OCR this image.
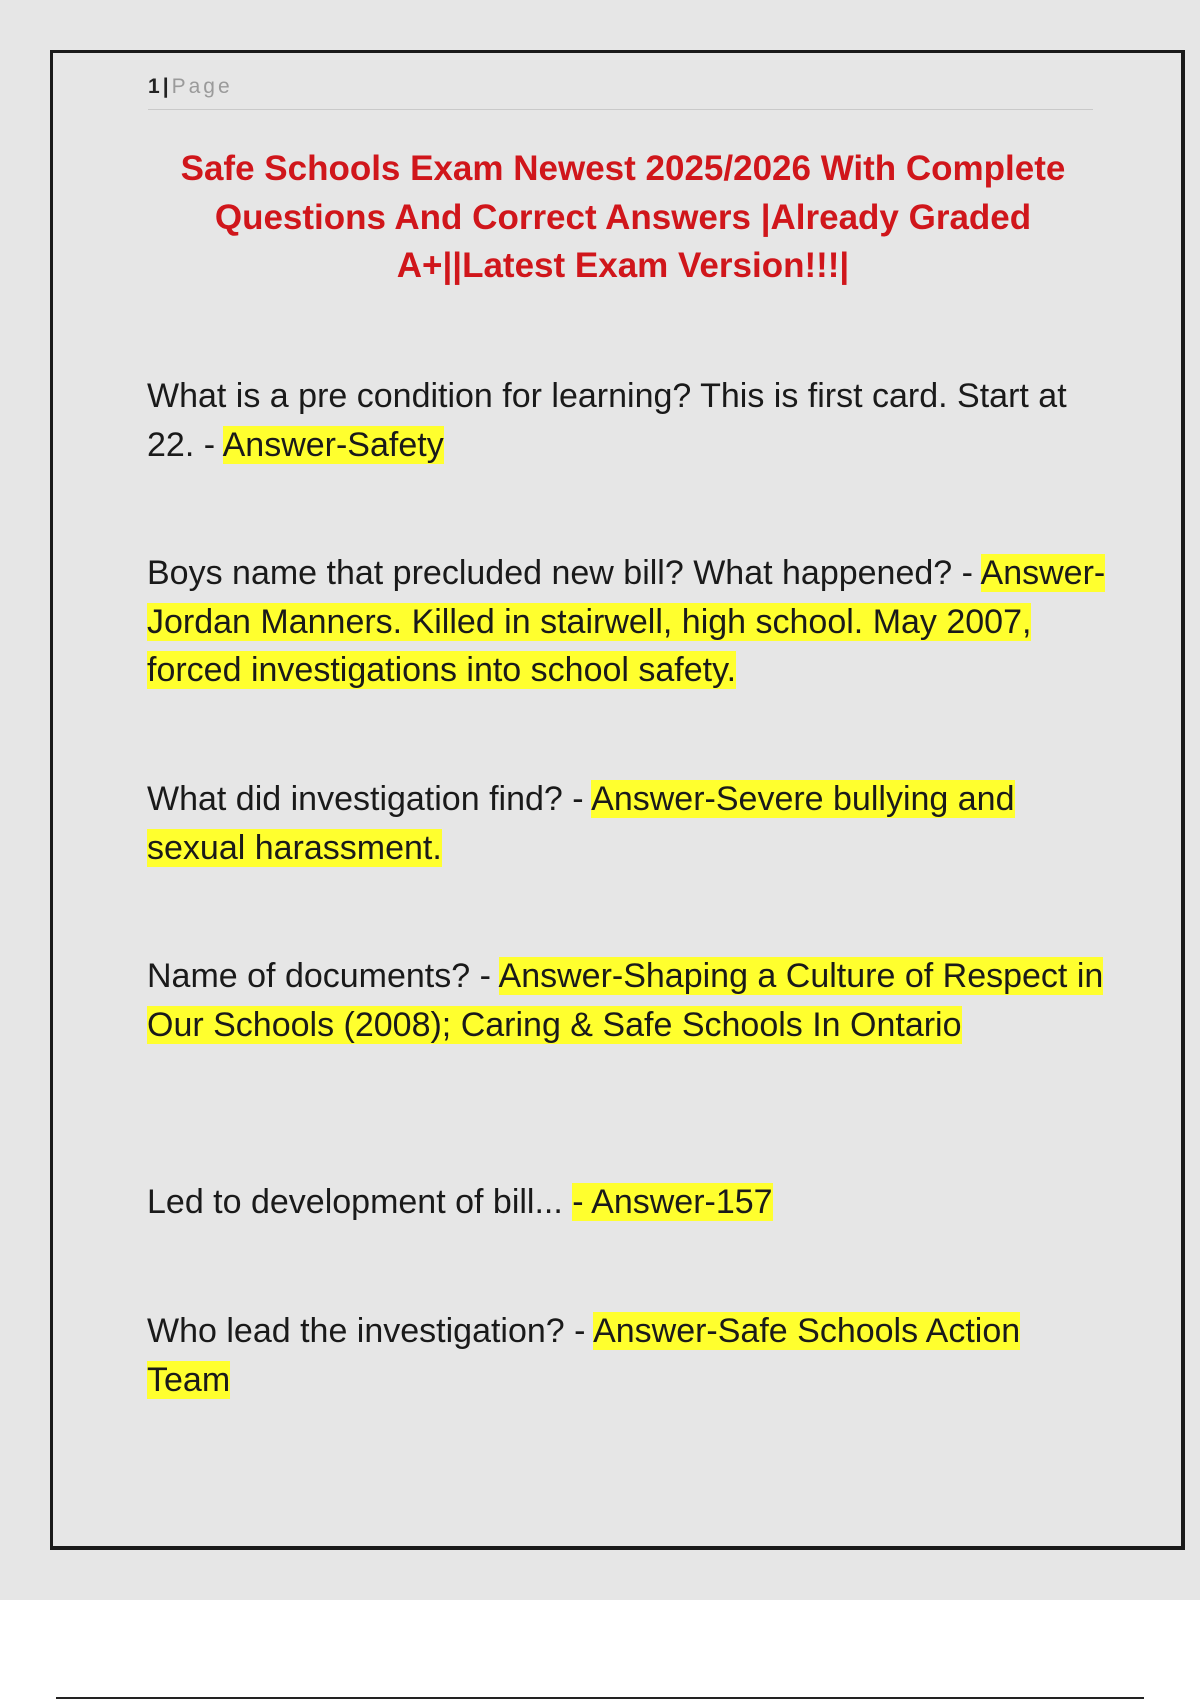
1 | Page
Safe Schools Exam Newest 2025/2026 With Complete
Questions And Correct Answers |Already Graded
A+||Latest Exam Version!!!|

What is a pre condition for learning? This is first card. Start at 22. - Answer-Safety

Boys name that precluded new bill? What happened? - Answer-Jordan Manners. Killed in stairwell, high school. May 2007, forced investigations into school safety.

What did investigation find? - Answer-Severe bullying and sexual harassment.

Name of documents? - Answer-Shaping a Culture of Respect in Our Schools (2008); Caring & Safe Schools In Ontario

Led to development of bill... - Answer-157

Who lead the investigation? - Answer-Safe Schools Action Team
